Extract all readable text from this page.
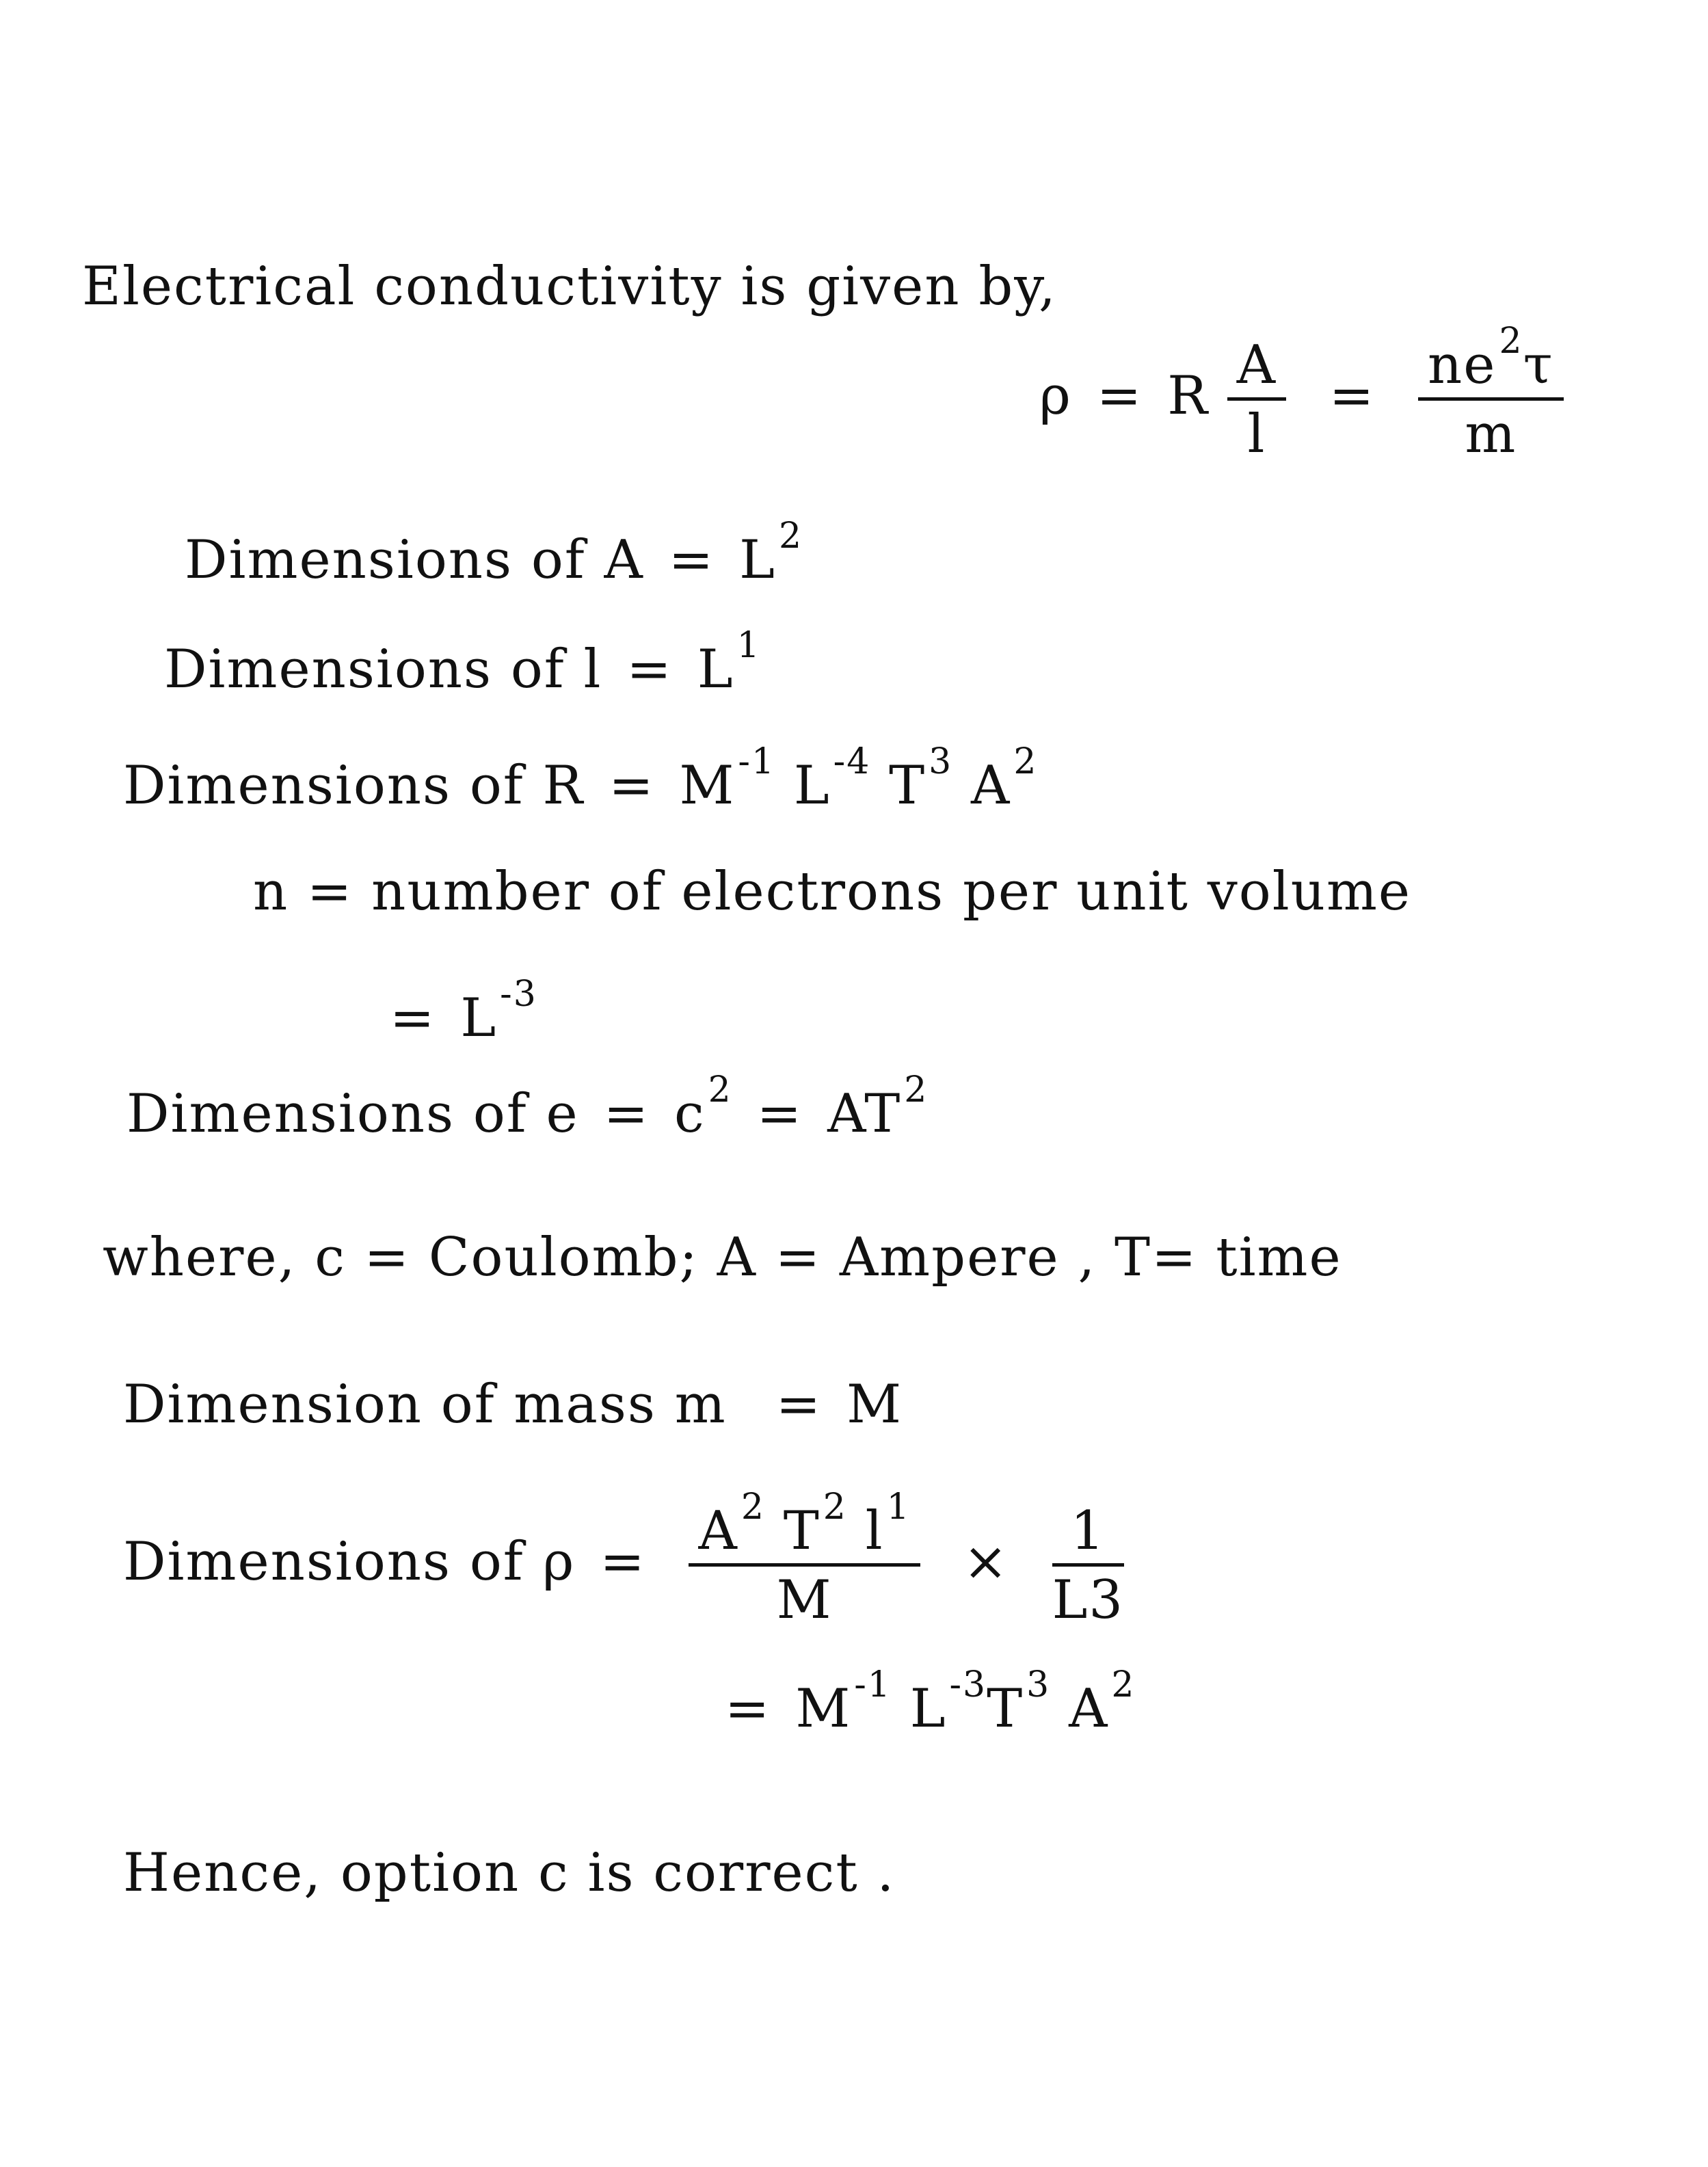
Electrical conductivity is given by,
ρ = R $\frac{A}{l} = \frac{ne2\tau}{m}$
Dimensions of A = L2
Dimensions of l = L1
Dimensions of R = M-1 L-4 T3 A2
n = number of electrons per unit volume
= L-3
Dimensions of e = c2 = AT2
where, c = Coulomb; A = Ampere , T= time
Dimension of mass m = M
Dimensions of $\rho = \frac{A2 T2 l1}{M} \times \frac{1}{L3}$
= M-1 L-3T3 A2
Hence, option c is correct .
